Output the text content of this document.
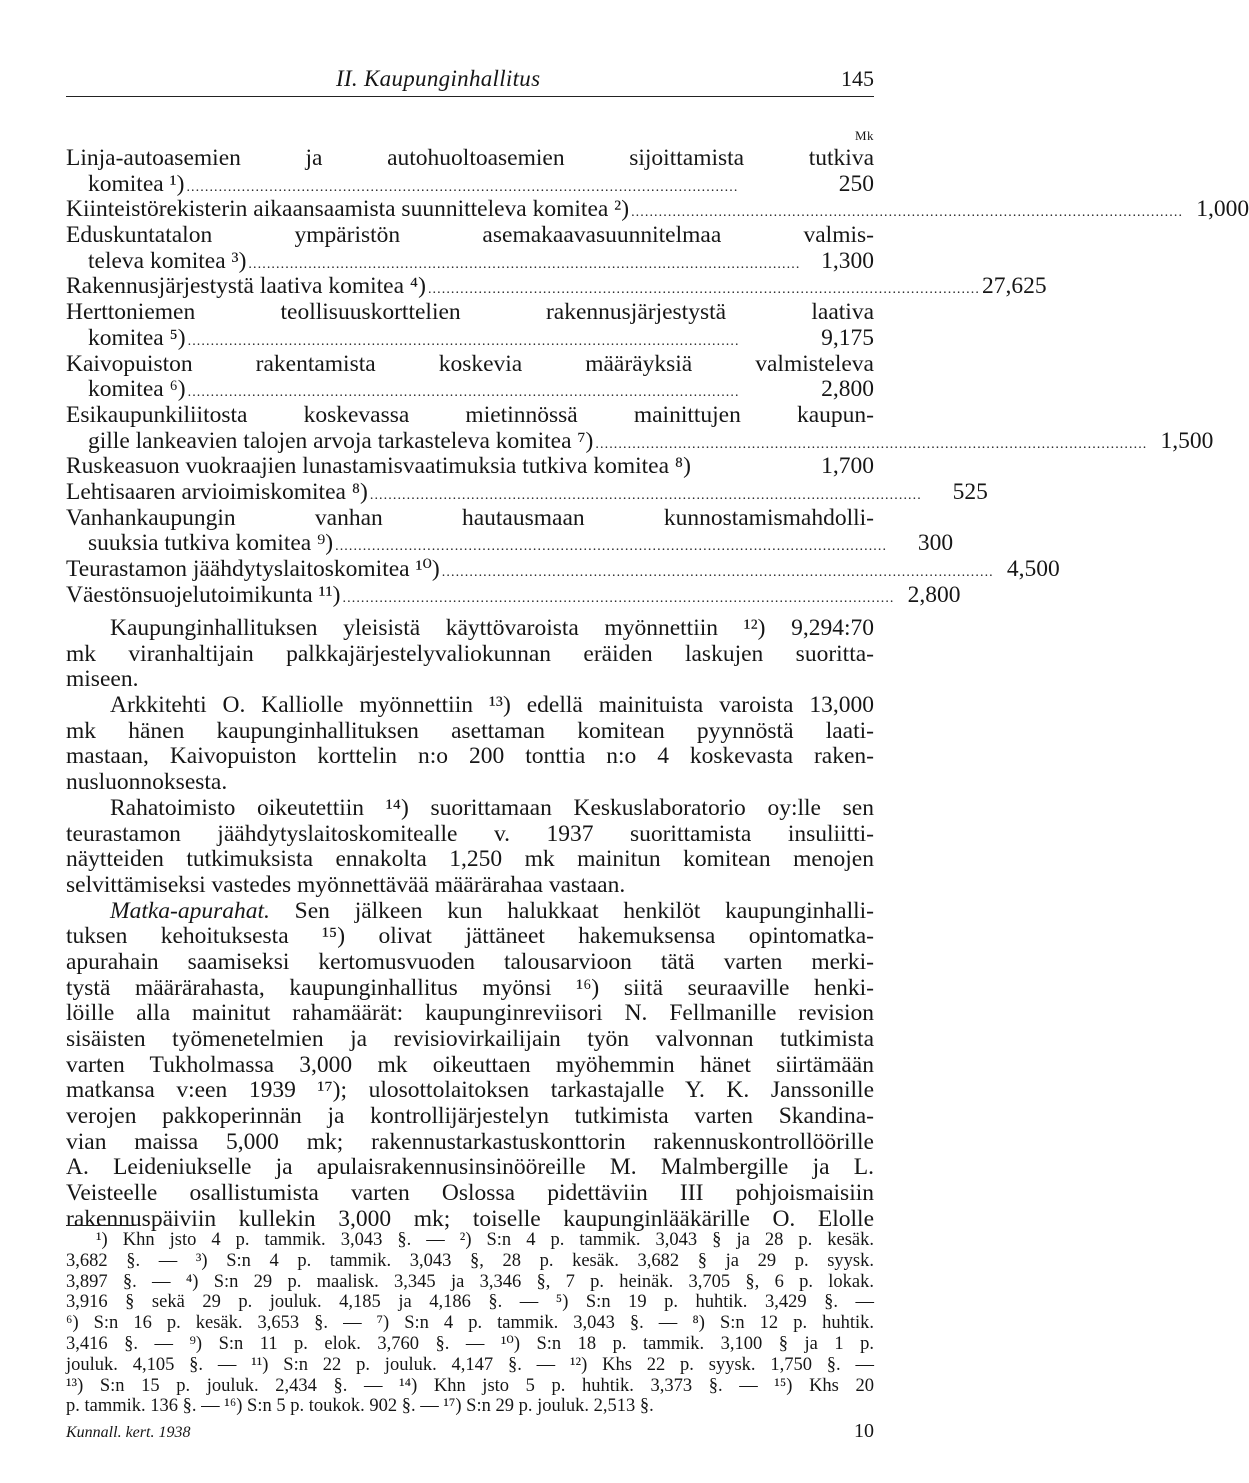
II. Kaupunginhallitus	145
Mk
Linja-autoasemien ja autohuoltoasemien sijoittamista tutkiva
komitea ¹) ........................................................................................................................	250
Kiinteistörekisterin aikaansaamista suunnitteleva komitea ²) ........................................................................................................................ 1,000
Eduskuntatalon ympäristön asemakaavasuunnitelmaa valmis-
televa komitea ³) ........................................................................................................................ 1,300
Rakennusjärjestystä laativa komitea ⁴) ........................................................................................................................ 27,625
Herttoniemen teollisuuskorttelien rakennusjärjestystä laativa
komitea ⁵) ........................................................................................................................	9,175
Kaivopuiston rakentamista koskevia määräyksiä valmisteleva
komitea ⁶) ........................................................................................................................	2,800
Esikaupunkiliitosta koskevassa mietinnössä mainittujen kaupun-
gille lankeavien talojen arvoja tarkasteleva komitea ⁷) ........................................................................................................................ 1,500
Ruskeasuon vuokraajien lunastamisvaatimuksia tutkiva komitea ⁸)	1,700
Lehtisaaren arvioimiskomitea ⁸) ........................................................................................................................	525
Vanhankaupungin vanhan hautausmaan kunnostamismahdolli-
suuksia tutkiva komitea ⁹) ........................................................................................................................	300
Teurastamon jäähdytyslaitoskomitea ¹⁰) ........................................................................................................................ 4,500
Väestönsuojelutoimikunta ¹¹) ........................................................................................................................ 2,800
Kaupunginhallituksen yleisistä käyttövaroista myönnettiin ¹²) 9,294:70
mk viranhaltijain palkkajärjestelyvaliokunnan eräiden laskujen suoritta-
miseen.
Arkkitehti O. Kalliolle myönnettiin ¹³) edellä mainituista varoista 13,000
mk hänen kaupunginhallituksen asettaman komitean pyynnöstä laati-
mastaan, Kaivopuiston korttelin n:o 200 tonttia n:o 4 koskevasta raken-
nusluonnoksesta.
Rahatoimisto oikeutettiin ¹⁴) suorittamaan Keskuslaboratorio oy:lle sen
teurastamon jäähdytyslaitoskomitealle v. 1937 suorittamista insuliitti-
näytteiden tutkimuksista ennakolta 1,250 mk mainitun komitean menojen
selvittämiseksi vastedes myönnettävää määrärahaa vastaan.
Matka-apurahat. Sen jälkeen kun halukkaat henkilöt kaupunginhalli-
tuksen kehoituksesta ¹⁵) olivat jättäneet hakemuksensa opintomatka-
apurahain saamiseksi kertomusvuoden talousarvioon tätä varten merki-
tystä määrärahasta, kaupunginhallitus myönsi ¹⁶) siitä seuraaville henki-
löille alla mainitut rahamäärät: kaupunginreviisori N. Fellmanille revision
sisäisten työmenetelmien ja revisiovirkailijain työn valvonnan tutkimista
varten Tukholmassa 3,000 mk oikeuttaen myöhemmin hänet siirtämään
matkansa v:een 1939 ¹⁷); ulosottolaitoksen tarkastajalle Y. K. Janssonille
verojen pakkoperinnän ja kontrollijärjestelyn tutkimista varten Skandina-
vian maissa 5,000 mk; rakennustarkastuskonttorin rakennuskontrollöörille
A. Leideniukselle ja apulaisrakennusinsinööreille M. Malmbergille ja L.
Veisteelle osallistumista varten Oslossa pidettäviin III pohjoismaisiin
rakennuspäiviin kullekin 3,000 mk; toiselle kaupunginlääkärille O. Elolle
¹) Khn jsto 4 p. tammik. 3,043 §. — ²) S:n 4 p. tammik. 3,043 § ja 28 p. kesäk.
3,682 §. — ³) S:n 4 p. tammik. 3,043 §, 28 p. kesäk. 3,682 § ja 29 p. syysk.
3,897 §. — ⁴) S:n 29 p. maalisk. 3,345 ja 3,346 §, 7 p. heinäk. 3,705 §, 6 p. lokak.
3,916 § sekä 29 p. jouluk. 4,185 ja 4,186 §. — ⁵) S:n 19 p. huhtik. 3,429 §. —
⁶) S:n 16 p. kesäk. 3,653 §. — ⁷) S:n 4 p. tammik. 3,043 §. — ⁸) S:n 12 p. huhtik.
3,416 §. — ⁹) S:n 11 p. elok. 3,760 §. — ¹⁰) S:n 18 p. tammik. 3,100 § ja 1 p.
jouluk. 4,105 §. — ¹¹) S:n 22 p. jouluk. 4,147 §. — ¹²) Khs 22 p. syysk. 1,750 §. —
¹³) S:n 15 p. jouluk. 2,434 §. — ¹⁴) Khn jsto 5 p. huhtik. 3,373 §. — ¹⁵) Khs 20
p. tammik. 136 §. — ¹⁶) S:n 5 p. toukok. 902 §. — ¹⁷) S:n 29 p. jouluk. 2,513 §.
Kunnall. kert. 1938	10
